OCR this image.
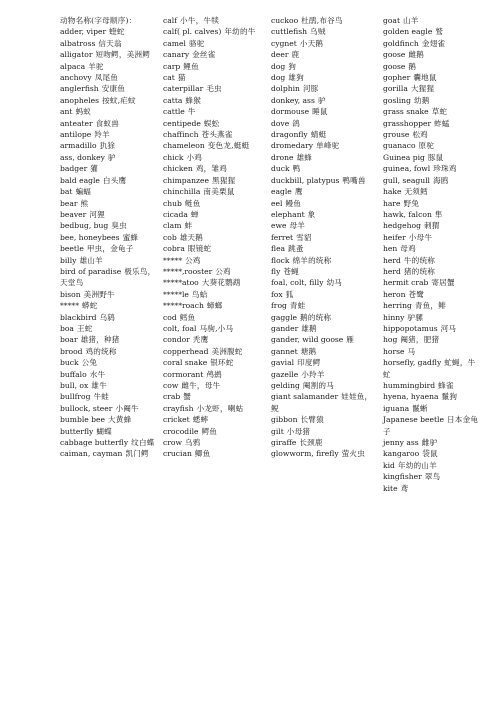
动物名称(字母顺序)：

adder, viper 蝰蛇

albatross 信天翁

alligator 短吻鳄，美洲鳄

alpaca 羊驼

anchovy 凤尾鱼

anglerfish 安康鱼

anopheles 按蚊,疟蚊

ant 蚂蚁

anteater 食蚁兽

antilope 羚羊

armadillo 犰狳

ass, donkey 驴

badger 獾

bald eagle 白头鹰

bat 蝙蝠

bear 熊

beaver 河狸

bedbug, bug 臭虫

bee, honeybees 蜜蜂

beetle 甲虫，金龟子

billy 雄山羊

bird of paradise 极乐鸟，天堂鸟

bison 美洲野牛

***** 蟒蛇

blackbird 乌鸫

boa 王蛇

boar 雄猪，种猪

brood 鸡的统称

buck 公兔

buffalo 水牛

bull, ox 雄牛

bullfrog 牛蛙

bullock, steer 小阉牛

bumble bee 大黄蜂

butterfly 蝴蝶

cabbage butterfly 纹白蝶

caiman, cayman 凯门鳄

calf 小牛，牛犊

calf( pl. calves) 年幼的牛

camel 骆驼

canary 金丝雀

carp 鲤鱼

cat 猫

caterpillar 毛虫

catta 蜂猴

cattle 牛

centipede 蜈蚣

chaffinch 苍头燕雀

chameleon 变色龙,蜓蜓

chick 小鸡

chicken 鸡，雏鸡

chimpanzee 黑猩猩

chinchilla 南美栗鼠

chub 鲢鱼

cicada 蝉

clam 蚌

cob 雄天鹅

cobra 眼镜蛇

***** 公鸡

*****,rooster 公鸡

*****atoo 大葵花鹦鹉

*****le 鸟蛤

*****roach 蟑螂

cod 鳕鱼

colt, foal 马驹,小马

condor 秃鹰

copperhead 美洲腹蛇

coral snake 银环蛇

cormorant 鸬鹚

cow 雌牛，母牛

crab 蟹

crayfish 小龙虾，喇蛄

cricket 蟋蟀

crocodile 鳄鱼

crow 乌鸦

crucian 鲫鱼

cuckoo 杜鹃,布谷鸟

cuttlefish 乌贼

cygnet 小天鹅

deer 鹿

dog 狗

dog 雄狗

dolphin 河豚

donkey, ass 驴

dormouse 睡鼠

dove 鸽

dragonfly 蜻蜓

dromedary 单峰驼

drone 雄蜂

duck 鸭

duckbill, platypus 鸭嘴兽

eagle 鹰

eel 鳗鱼

elephant 象

ewe 母羊

ferret 雪貂

flea 跳蚤

flock 绵羊的统称

fly 苍蝇

foal, colt, filly 幼马

fox 狐

frog 青蛙

gaggle 鹅的统称

gander 雄鹅

gander, wild goose 雁

gannet 塘鹅

gavial 印度鳄

gazelle 小羚羊

gelding 阉割的马

giant salamander 娃娃鱼，鲵

gibbon 长臂猿

gilt 小母猪

giraffe 长颈鹿

glowworm, firefly 萤火虫

goat 山羊

golden eagle 鹫

goldfinch 金翅雀

goose 雌鹅

goose 鹅

gopher 囊地鼠

gorilla 大猩猩

gosling 幼鹅

grass snake 草蛇

grasshopper 蚱蜢

grouse 松鸡

guanaco 原驼

Guinea pig 豚鼠

guinea, fowl 珍珠鸡

gull, seagull 海鸥

hake 无须鳕

hare 野兔

hawk, falcon 隼

hedgehog 刺猬

heifer 小母牛

hen 母鸡

herd 牛的统称

herd 猪的统称

hermit crab 寄居蟹

heron 苍鹭

herring 青鱼，鲱

hinny 驴骡

hippopotamus 河马

hog 阉猪，肥猪

horse 马

horsefly, gadfly 虻蝇，牛虻

hummingbird 蜂雀

hyena, hyaena 鬣狗

iguana 鬣蜥

Japanese beetle 日本金龟子

jenny ass 雌驴

kangaroo 袋鼠

kid 年幼的山羊

kingfisher 翠鸟

kite 鸢
